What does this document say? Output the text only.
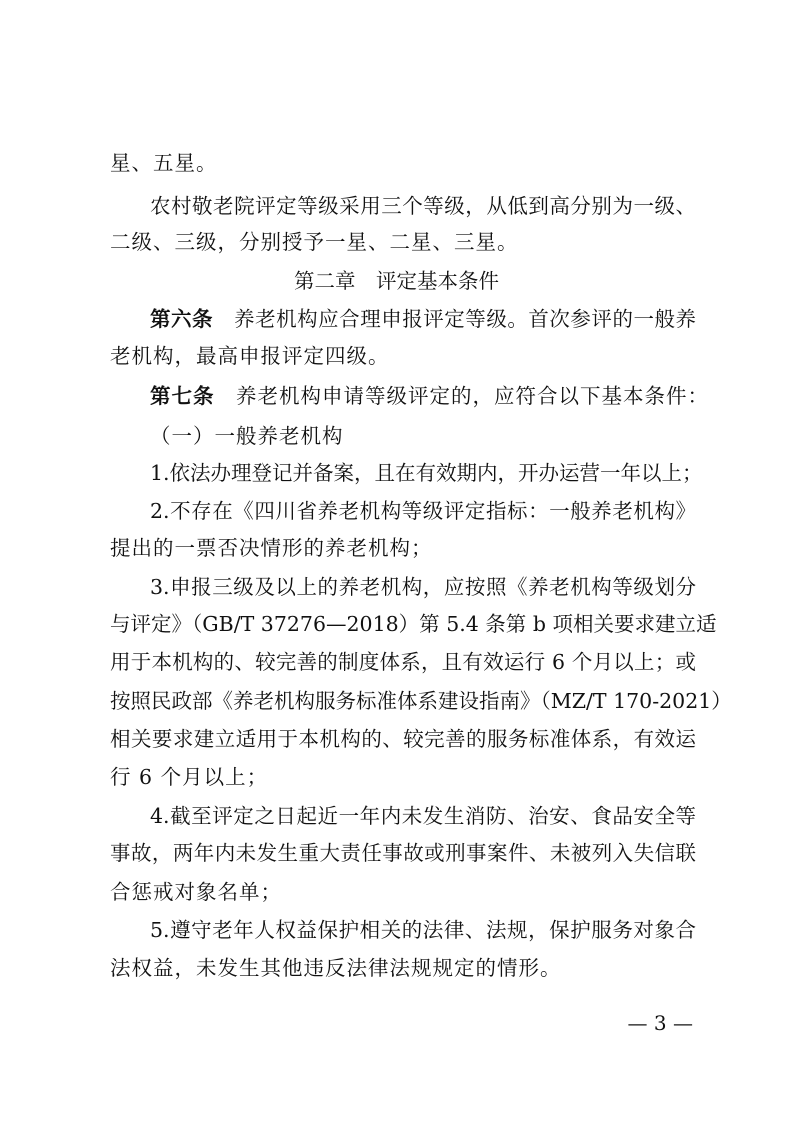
星、五星。
农村敬老院评定等级采用三个等级，从低到高分别为一级、
二级、三级，分别授予一星、二星、三星。
第二章　评定基本条件
第六条　养老机构应合理申报评定等级。首次参评的一般养
老机构，最高申报评定四级。
第七条　养老机构申请等级评定的，应符合以下基本条件：
（一）一般养老机构
1.依法办理登记并备案，且在有效期内，开办运营一年以上；
2.不存在《四川省养老机构等级评定指标：一般养老机构》
提出的一票否决情形的养老机构；
3.申报三级及以上的养老机构，应按照《养老机构等级划分
与评定》（GB/T 37276—2018）第 5.4 条第 b 项相关要求建立适
用于本机构的、较完善的制度体系，且有效运行 6 个月以上；或
按照民政部《养老机构服务标准体系建设指南》（MZ/T 170-2021）
相关要求建立适用于本机构的、较完善的服务标准体系，有效运
行 6 个月以上；
4.截至评定之日起近一年内未发生消防、治安、食品安全等
事故，两年内未发生重大责任事故或刑事案件、未被列入失信联
合惩戒对象名单；
5.遵守老年人权益保护相关的法律、法规，保护服务对象合
法权益，未发生其他违反法律法规规定的情形。
— 3 —
